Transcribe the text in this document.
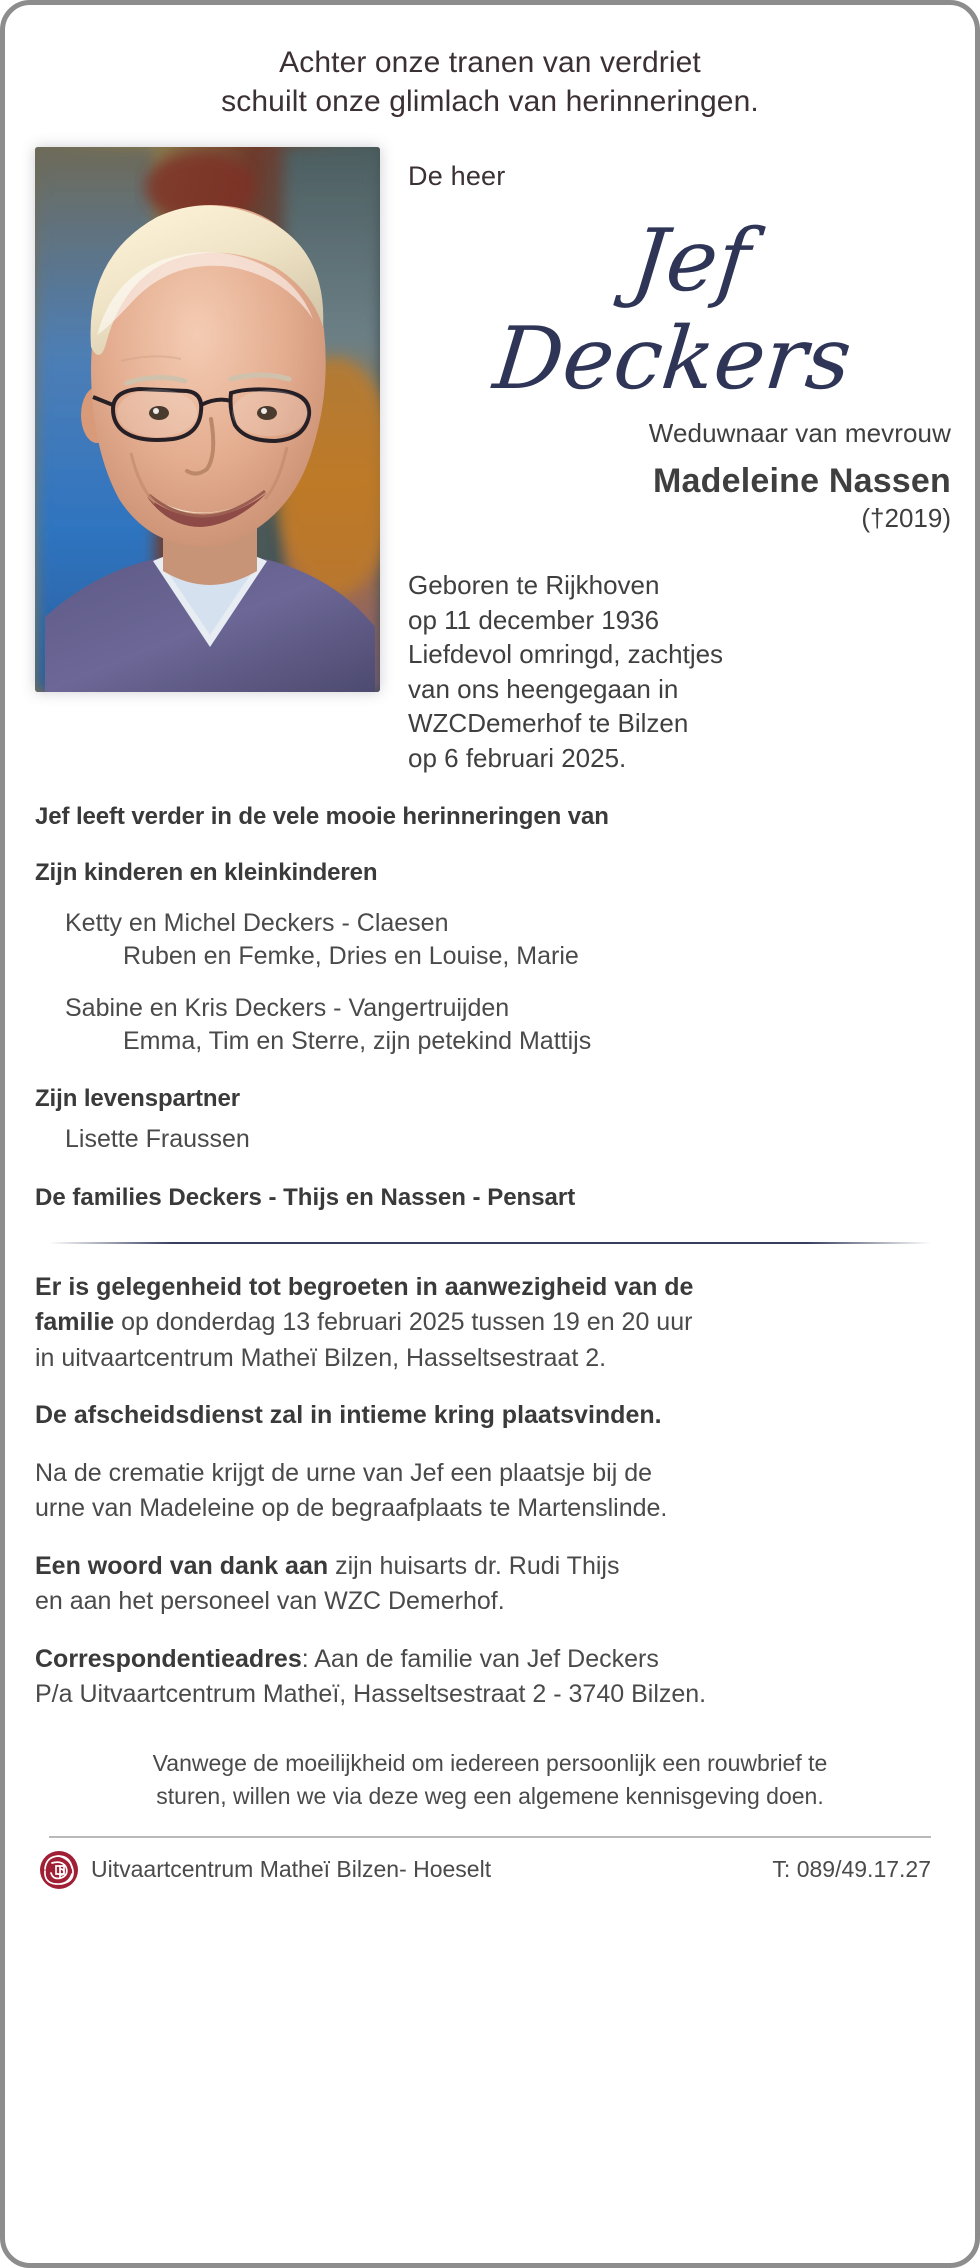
Achter onze tranen van verdriet
schuilt onze glimlach van herinneringen.
De heer
Jef
Deckers
Weduwnaar van mevrouw
Madeleine Nassen
(†2019)
Geboren te Rijkhoven
op 11 december 1936
Liefdevol omringd, zachtjes
van ons heengegaan in
WZCDemerhof te Bilzen
op 6 februari 2025.
Jef leeft verder in de vele mooie herinneringen van
Zijn kinderen en kleinkinderen
Ketty en Michel Deckers - Claesen
Ruben en Femke, Dries en Louise, Marie
Sabine en Kris Deckers - Vangertruijden
Emma, Tim en Sterre, zijn petekind Mattijs
Zijn levenspartner
Lisette Fraussen
De families Deckers - Thijs en Nassen - Pensart
Er is gelegenheid tot begroeten in aanwezigheid van de
familie op donderdag 13 februari 2025 tussen 19 en 20 uur
in uitvaartcentrum Matheï Bilzen, Hasseltsestraat 2.
De afscheidsdienst zal in intieme kring plaatsvinden.
Na de crematie krijgt de urne van Jef een plaatsje bij de
urne van Madeleine op de begraafplaats te Martenslinde.
Een woord van dank aan zijn huisarts dr. Rudi Thijs
en aan het personeel van WZC Demerhof.
Correspondentieadres: Aan de familie van Jef Deckers
P/a Uitvaartcentrum Matheï, Hasseltsestraat 2 - 3740 Bilzen.
Vanwege de moeilijkheid om iedereen persoonlijk een rouwbrief te
sturen, willen we via deze weg een algemene kennisgeving doen.
Uitvaartcentrum Matheï Bilzen- Hoeselt	T: 089/49.17.27
